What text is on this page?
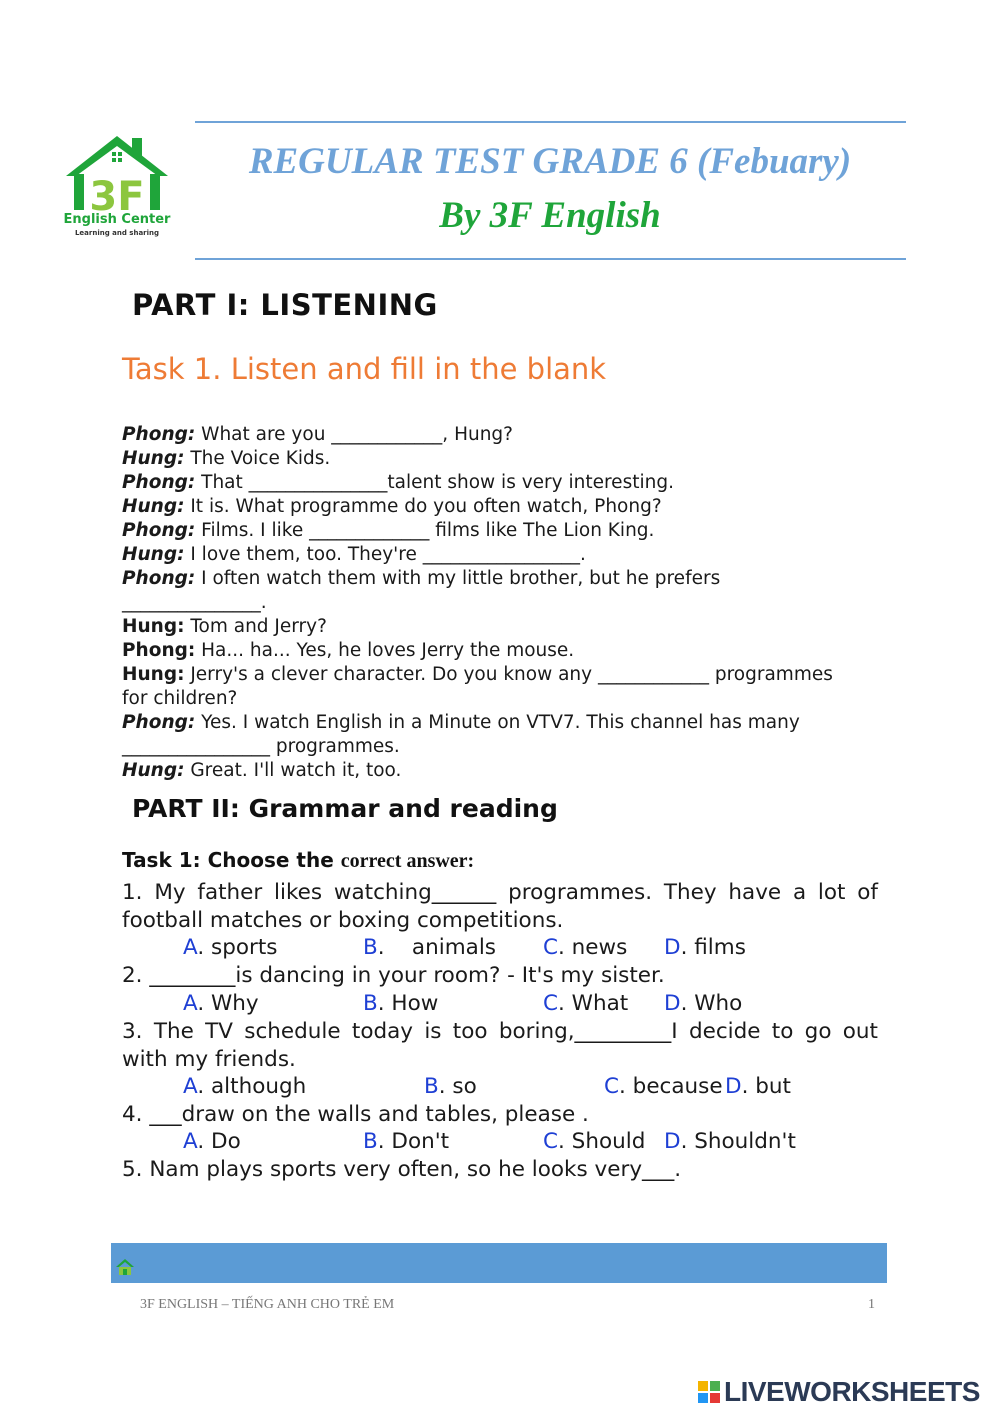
3F
English Center
Learning and sharing
REGULAR TEST GRADE 6 (Febuary)
By 3F English
PART I: LISTENING
Task 1. Listen and fill in the blank
Phong: What are you ____________, Hung?
Hung: The Voice Kids.
Phong: That _______________talent show is very interesting.
Hung: It is. What programme do you often watch, Phong?
Phong: Films. I like _____________ films like The Lion King.
Hung: I love them, too. They're _________________.
Phong: I often watch them with my little brother, but he prefers
_______________.
Hung: Tom and Jerry?
Phong: Ha... ha... Yes, he loves Jerry the mouse.
Hung: Jerry's a clever character. Do you know any ____________ programmes
for children?
Phong: Yes. I watch English in a Minute on VTV7. This channel has many
________________ programmes.
Hung: Great. I'll watch it, too.
PART II: Grammar and reading
Task 1: Choose the correct answer:
1. My father likes watching______ programmes. They have a lot of football matches or boxing competitions.
A. sports	B.    animals C. news D. films
2. ________is dancing in your room? - It's my sister.
A. Why	B. How	C. What D. Who
3. The TV schedule today is too boring,_________I decide to go out with my friends.
A. although	B. so	C. because D. but
4. ___draw on the walls and tables, please .
A. Do	B. Don't	C. Should D. Shouldn't
5. Nam plays sports very often, so he looks very___.
3F ENGLISH – TIẾNG ANH CHO TRẺ EM	1
LIVEWORKSHEETS
